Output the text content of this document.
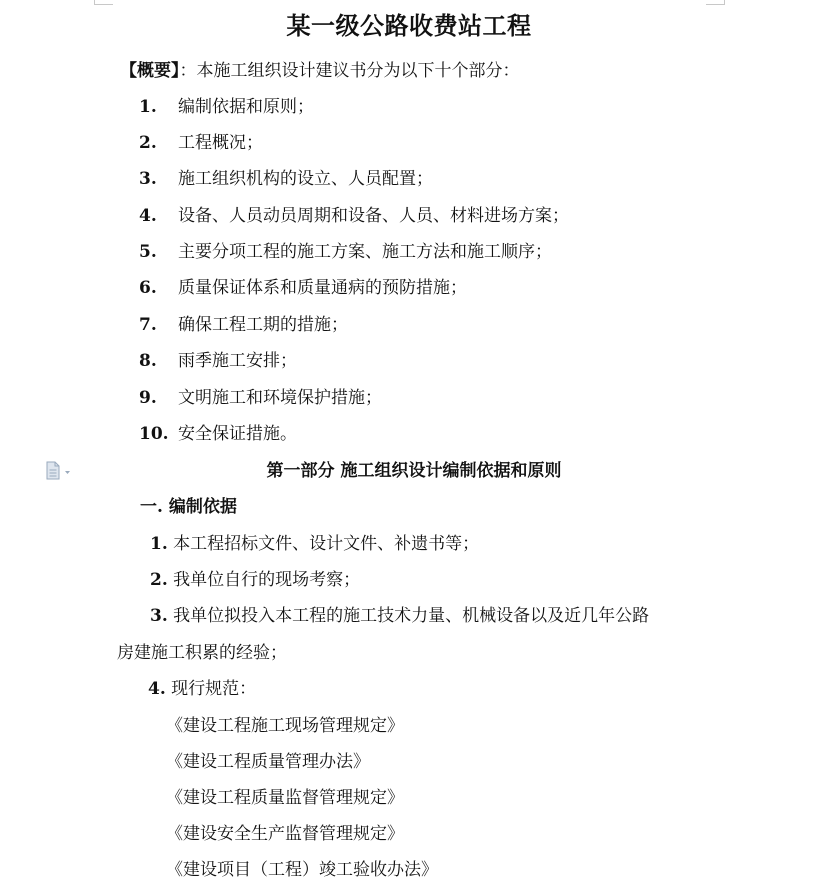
某一级公路收费站工程
【概要】：本施工组织设计建议书分为以下十个部分：
1. 编制依据和原则；
2. 工程概况；
3. 施工组织机构的设立、人员配置；
4. 设备、人员动员周期和设备、人员、材料进场方案；
5. 主要分项工程的施工方案、施工方法和施工顺序；
6. 质量保证体系和质量通病的预防措施；
7. 确保工程工期的措施；
8. 雨季施工安排；
9. 文明施工和环境保护措施；
10. 安全保证措施。
第一部分 施工组织设计编制依据和原则
一. 编制依据
1. 本工程招标文件、设计文件、补遗书等；
2. 我单位自行的现场考察；
3. 我单位拟投入本工程的施工技术力量、机械设备以及近几年公路
房建施工积累的经验；
4. 现行规范：
《建设工程施工现场管理规定》
《建设工程质量管理办法》
《建设工程质量监督管理规定》
《建设安全生产监督管理规定》
《建设项目（工程）竣工验收办法》
